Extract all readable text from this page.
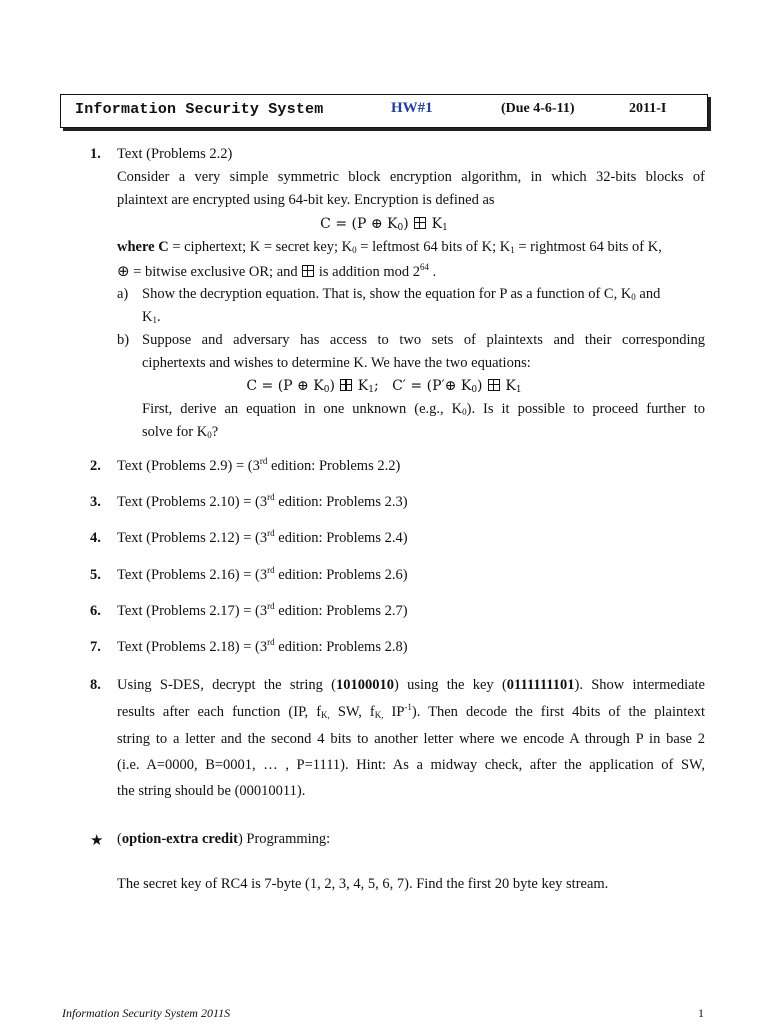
Information Security System	HW#1	(Due 4-6-11)	2011-I
1. Text (Problems 2.2)
Consider a very simple symmetric block encryption algorithm, in which 32-bits blocks of
plaintext are encrypted using 64-bit key. Encryption is defined as
C = (P ⊕ $K_0$)  $K_1$
where C = ciphertext; K = secret key; $K_0$ = leftmost 64 bits of K; $K_1$ = rightmost 64 bits of K,
⊕ = bitwise exclusive OR; and  is addition mod $2^{64}$ .
a) Show the decryption equation. That is, show the equation for P as a function of C, $K_0$ and
$K_1$.
b) Suppose and adversary has access to two sets of plaintexts and their corresponding
ciphertexts and wishes to determine K. We have the two equations:
C = (P ⊕ $K_0$)  $K_1$;   C′ = (P′⊕ $K_0$)  $K_1$
First, derive an equation in one unknown (e.g., $K_0$). Is it possible to proceed further to
solve for $K_0$?
2. Text (Problems 2.9) = (3rd edition: Problems 2.2)
3. Text (Problems 2.10) = (3rd edition: Problems 2.3)
4. Text (Problems 2.12) = (3rd edition: Problems 2.4)
5. Text (Problems 2.16) = (3rd edition: Problems 2.6)
6. Text (Problems 2.17) = (3rd edition: Problems 2.7)
7. Text (Problems 2.18) = (3rd edition: Problems 2.8)
8. Using S-DES, decrypt the string (10100010) using the key (0111111101). Show intermediate
results after each function (IP, $f_{K,}$ SW, $f_{K,}$ $IP^{-1}$). Then decode the first 4bits of the plaintext
string to a letter and the second 4 bits to another letter where we encode A through P in base 2
(i.e. A=0000, B=0001, … , P=1111). Hint: As a midway check, after the application of SW,
the string should be (00010011).
★ (option-extra credit) Programming:
The secret key of RC4 is 7-byte (1, 2, 3, 4, 5, 6, 7). Find the first 20 byte key stream.
Information Security System 2011S	1
